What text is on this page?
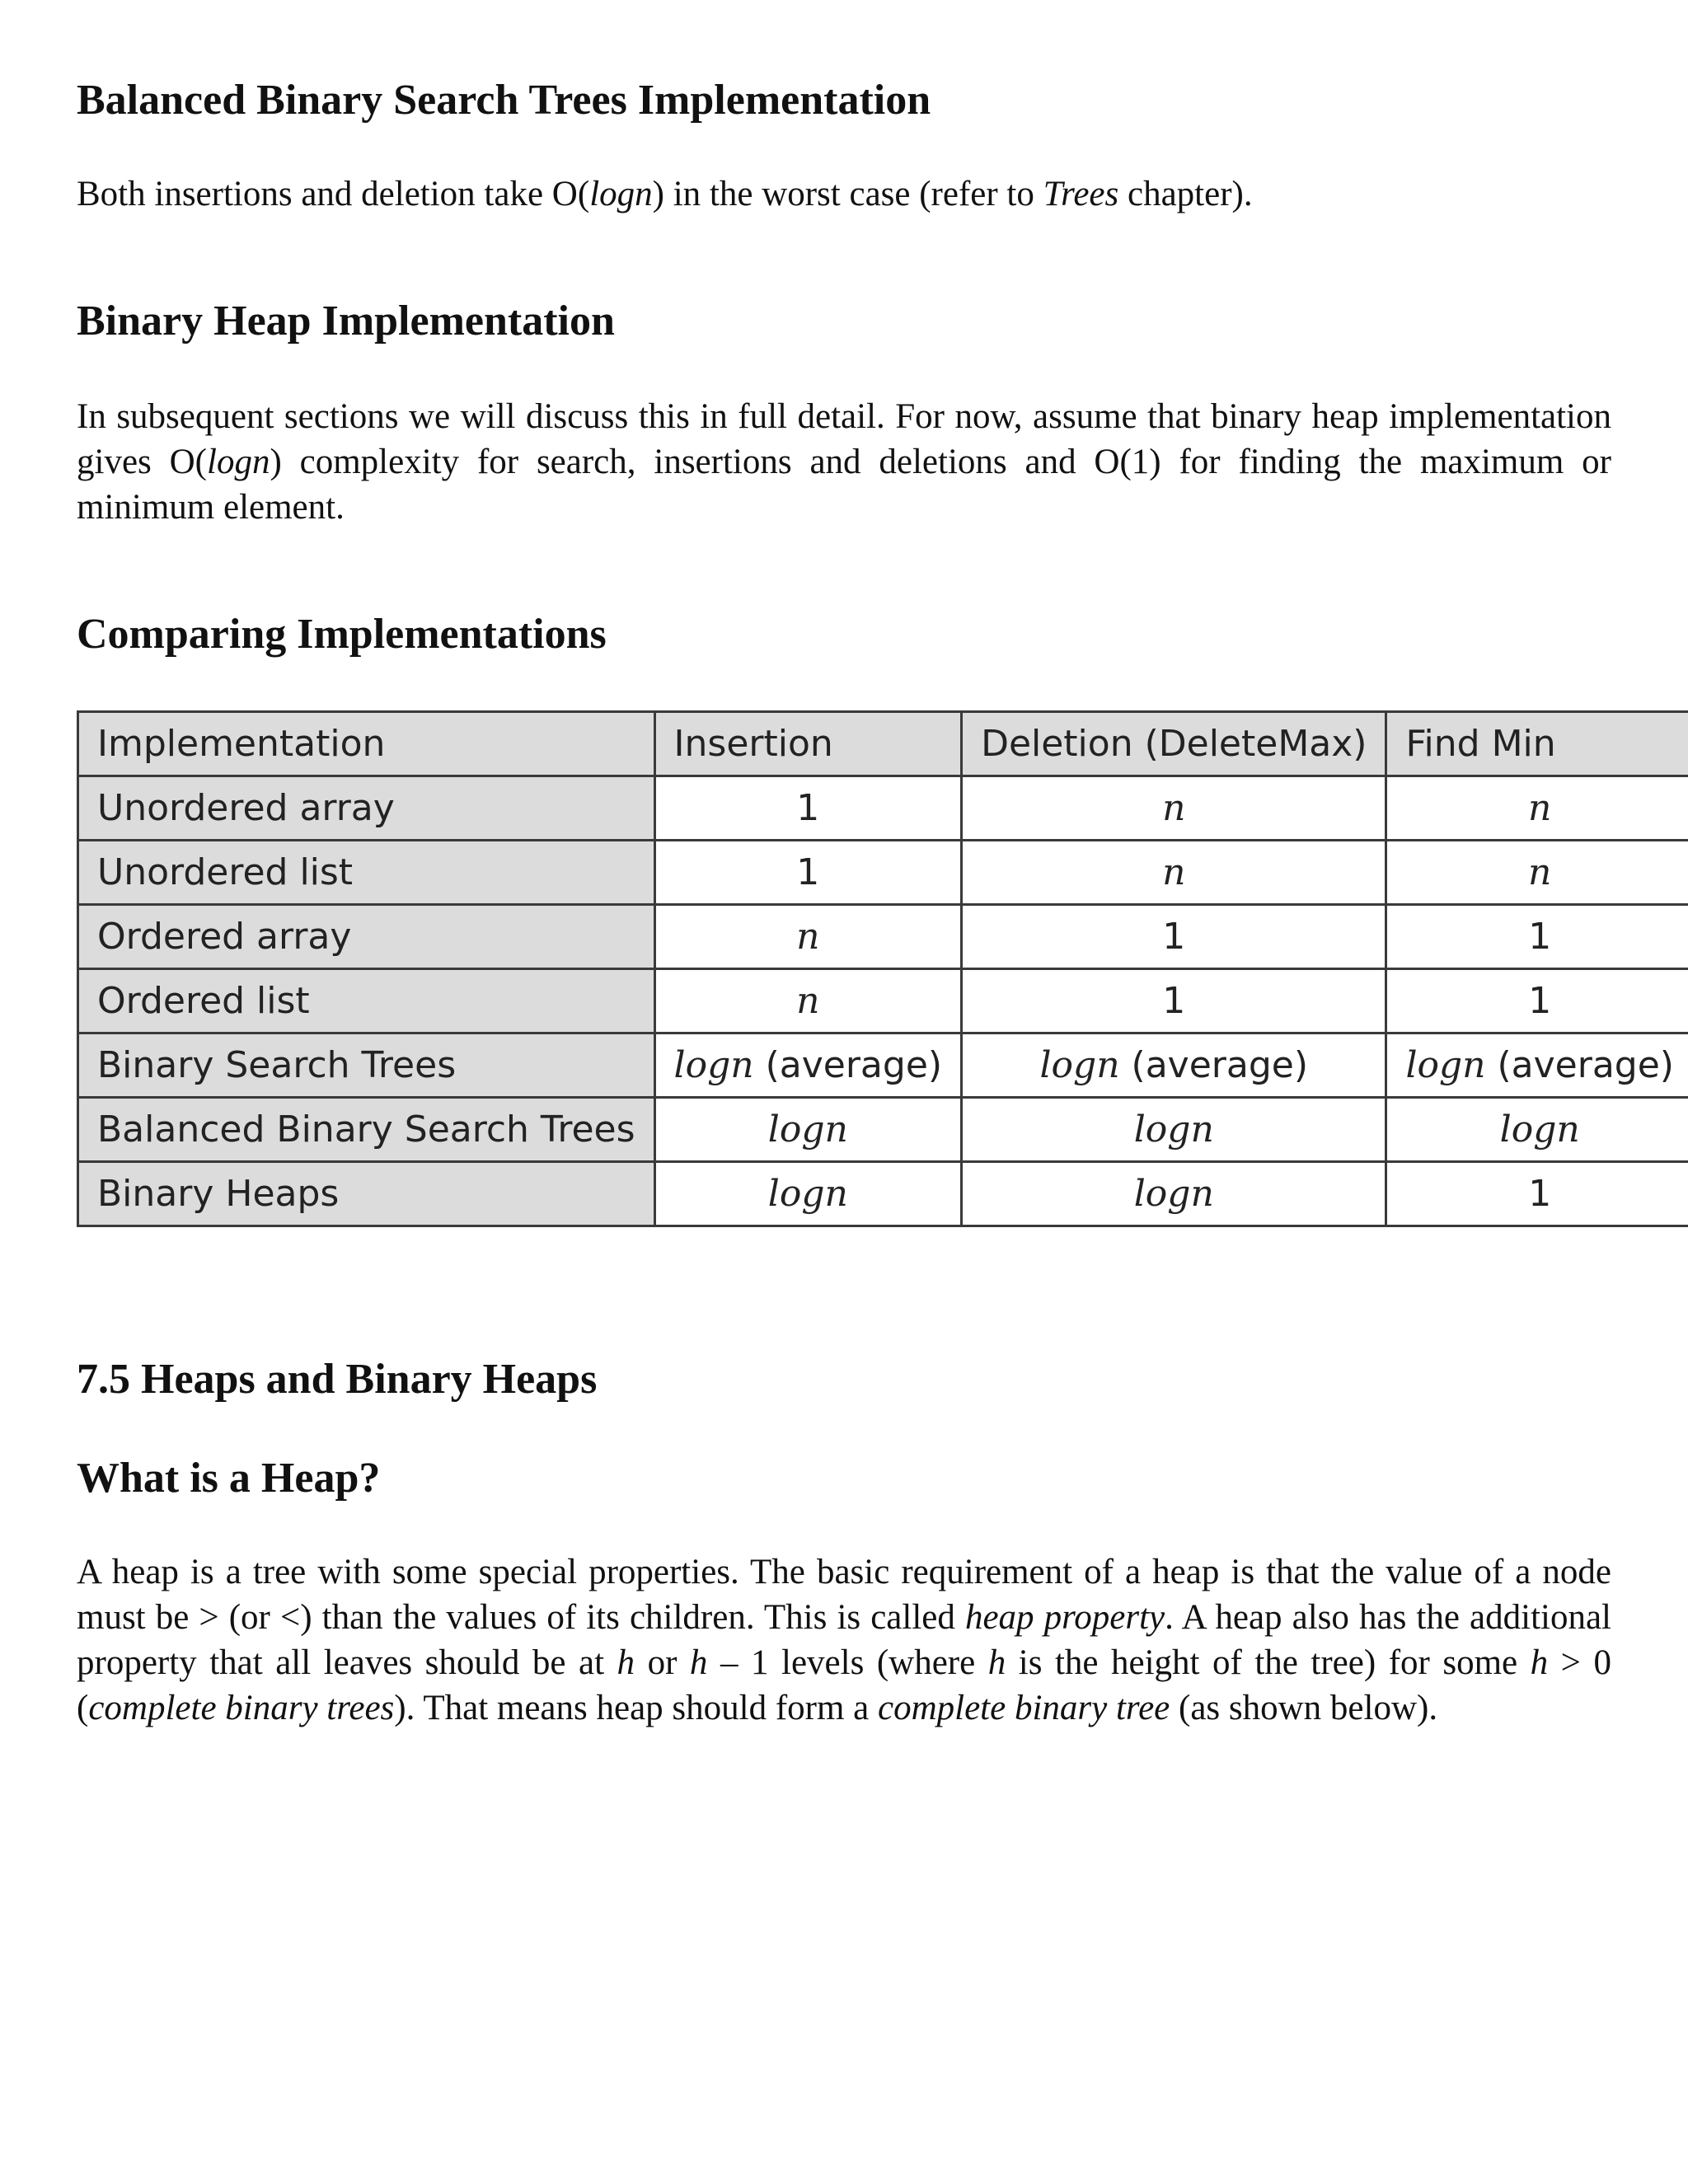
Balanced Binary Search Trees Implementation

Both insertions and deletion take O(logn) in the worst case (refer to Trees chapter).

Binary Heap Implementation

In subsequent sections we will discuss this in full detail. For now, assume that binary heap implementation gives O(logn) complexity for search, insertions and deletions and O(1) for finding the maximum or minimum element.

Comparing Implementations
Implementation	Insertion	Deletion (DeleteMax)	Find Min
Unordered array	1	n	n
Unordered list	1	n	n
Ordered array	n	1	1
Ordered list	n	1	1
Binary Search Trees	logn (average)	logn (average)	logn (average)
Balanced Binary Search Trees	logn	logn	logn
Binary Heaps	logn	logn	1
7.5 Heaps and Binary Heaps
What is a Heap?

A heap is a tree with some special properties. The basic requirement of a heap is that the value of a node must be > (or <) than the values of its children. This is called heap property. A heap also has the additional property that all leaves should be at h or h – 1 levels (where h is the height of the tree) for some h > 0 (complete binary trees). That means heap should form a complete binary tree (as shown below).
